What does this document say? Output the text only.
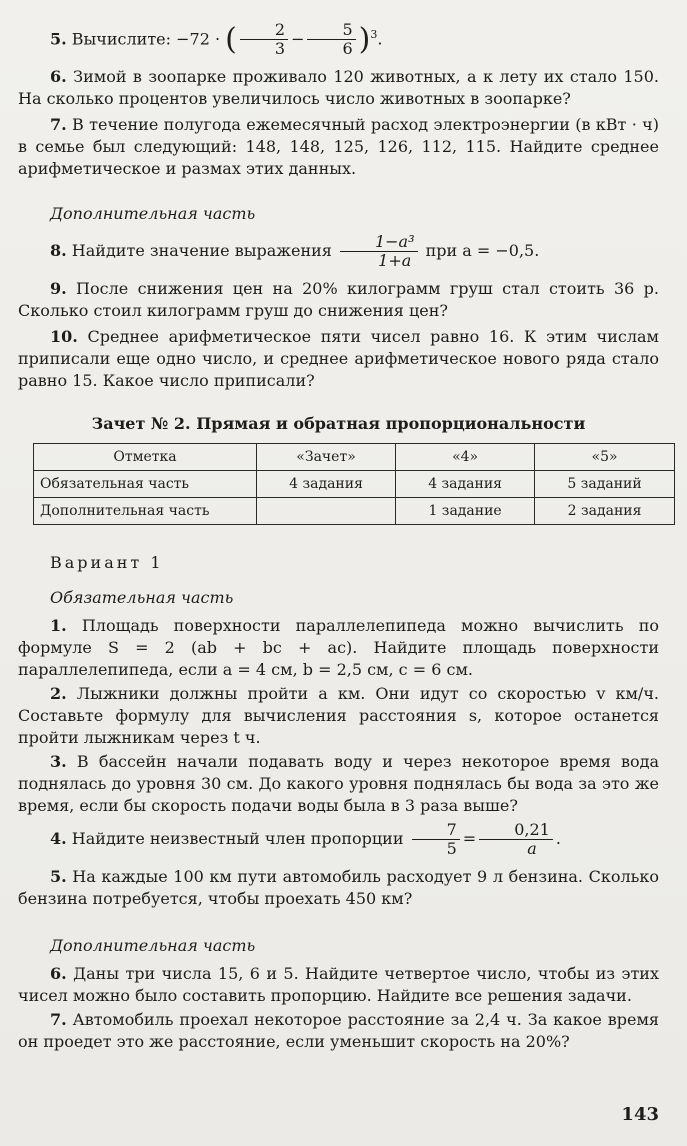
5. Вычислите: −72 · ( $\frac{2}{3} - \frac{5}{6} )^3$.

6. Зимой в зоопарке проживало 120 животных, а к лету их стало 150. На сколько процентов увеличилось число животных в зоопарке?

7. В течение полугода ежемесячный расход электроэнергии (в кВт · ч) в семье был следующий: 148, 148, 125, 126, 112, 115. Найдите среднее арифметическое и размах этих данных.

Дополнительная часть

8. Найдите значение выражения $\frac{\text{1−a³}}{1+a}$ при a = −0,5.

9. После снижения цен на 20% килограмм груш стал стоить 36 р. Сколько стоил килограмм груш до снижения цен?

10. Среднее арифметическое пяти чисел равно 16. К этим числам приписали еще одно число, и среднее арифметическое нового ряда стало равно 15. Какое число приписали?

Зачет № 2. Прямая и обратная пропорциональности

Отметка	«Зачет»	«4»	«5»
Обязательная часть	4 задания	4 задания	5 заданий
Дополнительная часть		1 задание	2 задания

Вариант 1

Обязательная часть

1. Площадь поверхности параллелепипеда можно вычислить по формуле S = 2 (ab + bc + ac). Найдите площадь поверхности параллелепипеда, если a = 4 см, b = 2,5 см, c = 6 см.

2. Лыжники должны пройти a км. Они идут со скоростью v км/ч. Составьте формулу для вычисления расстояния s, которое останется пройти лыжникам через t ч.

3. В бассейн начали подавать воду и через некоторое время вода поднялась до уровня 30 см. До какого уровня поднялась бы вода за это же время, если бы скорость подачи воды была в 3 раза выше?

4. Найдите неизвестный член пропорции $\frac{7}{5} = \frac{0,21}{a}$ .

5. На каждые 100 км пути автомобиль расходует 9 л бензина. Сколько бензина потребуется, чтобы проехать 450 км?

Дополнительная часть

6. Даны три числа 15, 6 и 5. Найдите четвертое число, чтобы из этих чисел можно было составить пропорцию. Найдите все решения задачи.

7. Автомобиль проехал некоторое расстояние за 2,4 ч. За какое время он проедет это же расстояние, если уменьшит скорость на 20%?

143
